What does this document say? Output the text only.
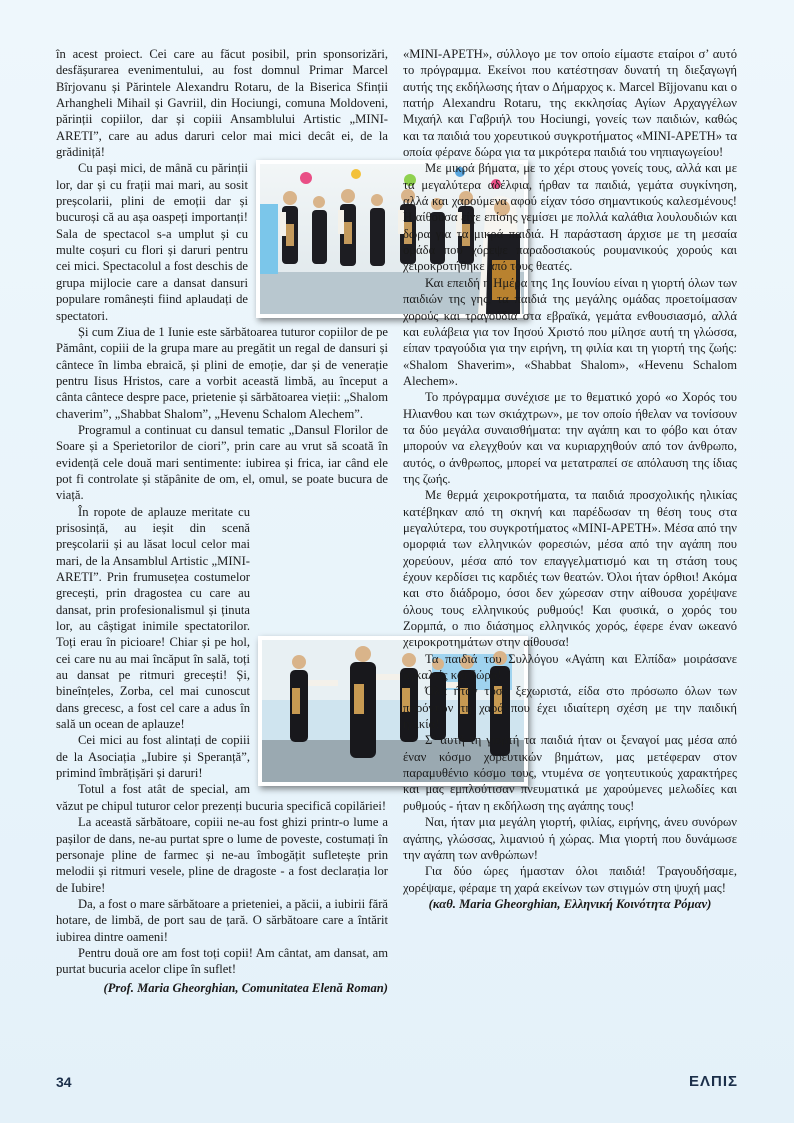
în acest proiect. Cei care au făcut posibil, prin sponsorizări, desfășurarea evenimentului, au fost domnul Primar Marcel Bîrjovanu și Părintele Alexandru Rotaru, de la Biserica Sfinții Arhangheli Mihail și Gavriil, din Hociungi, comuna Moldoveni, părinții copiilor, dar și copiii Ansamblului Artistic „MINI-ARETI”, care au adus daruri celor mai mici decât ei, de la grădiniță!

Cu pași mici, de mână cu părinții lor, dar și cu frații mai mari, au sosit preșcolarii, plini de emoții dar și bucuroși că au așa oaspeți importanți! Sala de spectacol s-a umplut și cu multe coșuri cu flori și daruri pentru cei mici. Spectacolul a fost deschis de grupa mijlocie care a dansat dansuri populare românești fiind aplaudați de spectatori.

Și cum Ziua de 1 Iunie este sărbătoarea tuturor copiilor de pe Pământ, copiii de la grupa mare au pregătit un regal de dansuri și cântece în limba ebraică, și plini de emoție, dar și de venerație pentru Iisus Hristos, care a vorbit această limbă, au început a cânta cântece despre pace, prietenie și sărbătoarea vieții: „Shalom chaverim”, „Shabbat Shalom”, „Hevenu Schalom Alechem”.

Programul a continuat cu dansul tematic „Dansul Florilor de Soare și a Sperietorilor de ciori”, prin care au vrut să scoată în evidență cele două mari sentimente: iubirea și frica, iar când ele pot fi controlate și stăpânite de om, el, omul, se poate bucura de viață.

În ropote de aplauze meritate cu prisosință, au ieșit din scenă preșcolarii și au lăsat locul celor mai mari, de la Ansamblul Artistic „MINI-ARETI”. Prin frumusețea costumelor grecești, prin dragostea cu care au dansat, prin profesionalismul și ținuta lor, au câștigat inimile spectatorilor. Toți erau în picioare! Chiar și pe hol, cei care nu au mai încăput în sală, toți au dansat pe ritmuri grecești! Și, bineînțeles, Zorba, cel mai cunoscut dans grecesc, a fost cel care a adus în sală un ocean de aplauze!

Cei mici au fost alintați de copiii de la Asociația „Iubire și Speranță”, primind îmbrățișări și daruri!

Totul a fost atât de special, am văzut pe chipul tuturor celor prezenți bucuria specifică copilăriei!

La această sărbătoare, copiii ne-au fost ghizi printr-o lume a pașilor de dans, ne-au purtat spre o lume de poveste, costumați în personaje pline de farmec și ne-au îmbogățit sufletește prin melodii și ritmuri vesele, pline de dragoste - a fost declarația lor de Iubire!

Da, a fost o mare sărbătoare a prieteniei, a păcii, a iubirii fără hotare, de limbă, de port sau de țară. O sărbătoare care a întărit iubirea dintre oameni!

Pentru două ore am fost toți copii! Am cântat, am dansat, am purtat bucuria acelor clipe în suflet!

(Prof. Maria Gheorghian, Comunitatea Elenă Roman)

«MINI-ΑΡΕΤΗ», σύλλογο με τον οποίο είμαστε εταίροι σ’ αυτό το πρόγραμμα. Εκείνοι που κατέστησαν δυνατή τη διεξαγωγή αυτής της εκδήλωσης ήταν ο Δήμαρχος κ. Marcel Bîjjovanu και ο πατήρ Alexandru Rotaru, της εκκλησίας Αγίων Αρχαγγέλων Μιχαήλ και Γαβριήλ του Hociungi, γονείς των παιδιών, καθώς και τα παιδιά του χορευτικού συγκροτήματος «MINI-ΑΡΕΤΗ» τα οποία φέρανε δώρα για τα μικρότερα παιδιά του νηπιαγωγείου!

Με μικρά βήματα, με το χέρι στους γονείς τους, αλλά και με τα μεγαλύτερα αδέλφια, ήρθαν τα παιδιά, γεμάτα συγκίνηση, αλλά και χαρούμενα αφού είχαν τόσο σημαντικούς καλεσμένους! Η αίθουσα είχε επίσης γεμίσει με πολλά καλάθια λουλουδιών και δώρα για τα μικρά παιδιά. Η παράσταση άρχισε με τη μεσαία ομάδα που χόρεψε παραδοσιακούς ρουμανικούς χορούς και χειροκροτήθηκε από τους θεατές.

Και επειδή η Ημέρα της 1ης Ιουνίου είναι η γιορτή όλων των παιδιών της γης, τα παιδιά της μεγάλης ομάδας προετοίμασαν χορούς και τραγούδια στα εβραϊκά, γεμάτα ενθουσιασμό, αλλά και ευλάβεια για τον Ιησού Χριστό που μίλησε αυτή τη γλώσσα, είπαν τραγούδια για την ειρήνη, τη φιλία και τη γιορτή της ζωής: «Shalom Shaverim», «Shabbat Shalom», «Hevenu Schalom Alechem».

Το πρόγραμμα συνέχισε με το θεματικό χορό «ο Χορός του Ηλιανθου και των σκιάχτρων», με τον οποίο ήθελαν να τονίσουν τα δύο μεγάλα συναισθήματα: την αγάπη και το φόβο και όταν μπορούν να ελεγχθούν και να κυριαρχηθούν από τον άνθρωπο, αυτός, ο άνθρωπος, μπορεί να μετατραπεί σε απόλαυση της ίδιας της ζωής.

Με θερμά χειροκροτήματα, τα παιδιά προσχολικής ηλικίας κατέβηκαν από τη σκηνή και παρέδωσαν τη θέση τους στα μεγαλύτερα, του συγκροτήματος «MINI-ΑΡΕΤΗ». Μέσα από την ομορφιά των ελληνικών φορεσιών, μέσα από την αγάπη που χορεύουν, μέσα από τον επαγγελματισμό και τη στάση τους έχουν κερδίσει τις καρδιές των θεατών. Όλοι ήταν όρθιοι! Ακόμα και στο διάδρομο, όσοι δεν χώρεσαν στην αίθουσα χορέψανε όλους τους ελληνικούς ρυθμούς! Και φυσικά, ο χορός του Ζορμπά, ο πιο διάσημος ελληνικός χορός, έφερε έναν ωκεανό χειροκροτημάτων στην αίθουσα!

Τα παιδιά του Συλλόγου «Αγάπη και Ελπίδα» μοιράσανε αγκαλιές και δώρα!

Όλα ήταν τόσο ξεχωριστά, είδα στο πρόσωπο όλων των παρόντων τη χαρά που έχει ιδιαίτερη σχέση με την παιδική ηλικία!

Σ’ αυτή τη γιορτή τα παιδιά ήταν οι ξεναγοί μας μέσα από έναν κόσμο χορευτικών βημάτων, μας μετέφεραν στον παραμυθένιο κόσμο τους, ντυμένα σε γοητευτικούς χαρακτήρες και μας εμπλούτισαν πνευματικά με χαρούμενες μελωδίες και ρυθμούς - ήταν η εκδήλωση της αγάπης τους!

Ναι, ήταν μια μεγάλη γιορτή, φιλίας, ειρήνης, άνευ συνόρων αγάπης, γλώσσας, λιμανιού ή χώρας. Μια γιορτή που δυνάμωσε την αγάπη των ανθρώπων!

Για δύο ώρες ήμασταν όλοι παιδιά! Τραγουδήσαμε, χορέψαμε, φέραμε τη χαρά εκείνων των στιγμών στη ψυχή μας!

(καθ. Maria Gheorghian, Ελληνική Κοινότητα Ρόμαν)

34	ΕΛΠΙΣ
